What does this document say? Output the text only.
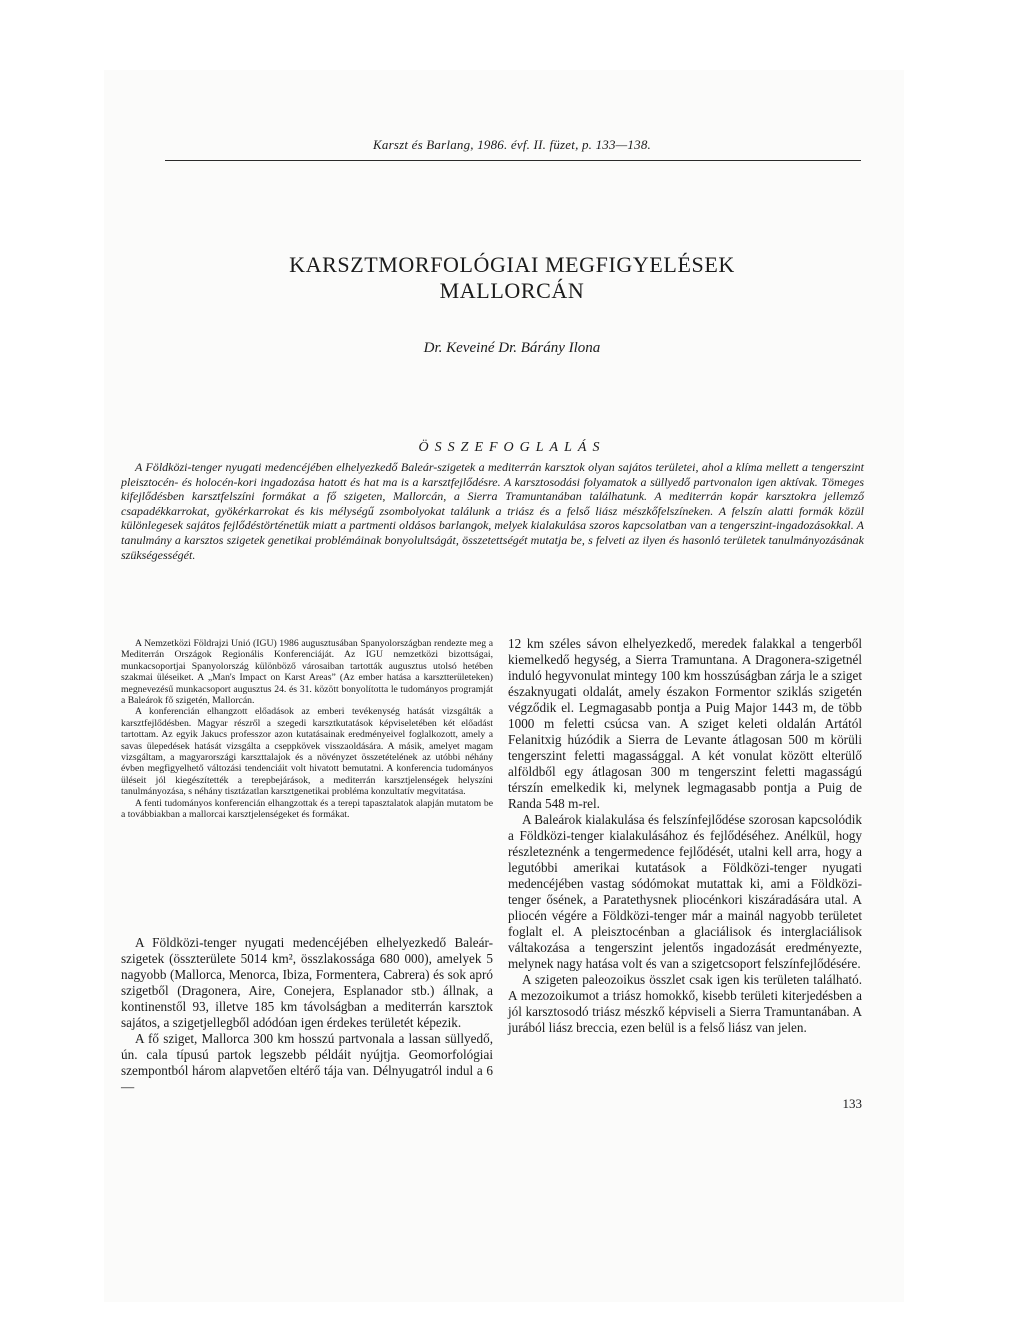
Karszt és Barlang, 1986. évf. II. füzet, p. 133—138.
KARSZTMORFOLÓGIAI MEGFIGYELÉSEK
MALLORCÁN
Dr. Keveiné Dr. Bárány Ilona
ÖSSZEFOGLALÁS

A Földközi-tenger nyugati medencéjében elhelyezkedő Baleár-szigetek a mediterrán karsztok olyan sajátos területei, ahol a klíma mellett a tengerszint pleisztocén- és holocén-kori ingadozása hatott és hat ma is a karsztfejlődésre. A karsztosodási folyamatok a süllyedő partvonalon igen aktívak. Tömeges kifejlődésben karsztfelszíni formákat a fő szigeten, Mallorcán, a Sierra Tramuntanában találhatunk. A mediterrán kopár karsztokra jellemző csapadékkarrokat, gyökérkarrokat és kis mélységű zsombolyokat találunk a triász és a felső liász mészkőfelszíneken. A felszín alatti formák közül különlegesek sajátos fejlődéstörténetük miatt a partmenti oldásos barlangok, melyek kialakulása szoros kapcsolatban van a tengerszint-ingadozásokkal. A tanulmány a karsztos szigetek genetikai problémáinak bonyolultságát, összetettségét mutatja be, s felveti az ilyen és hasonló területek tanulmányozásának szükségességét.

A Nemzetközi Földrajzi Unió (IGU) 1986 augusztusában Spanyolországban rendezte meg a Mediterrán Országok Regionális Konferenciáját. Az IGU nemzetközi bizottságai, munkacsoportjai Spanyolország különböző városaiban tartották augusztus utolsó hetében szakmai üléseiket. A „Man's Impact on Karst Areas” (Az ember hatása a karsztterületeken) megnevezésű munkacsoport augusztus 24. és 31. között bonyolította le tudományos programját a Baleárok fő szigetén, Mallorcán.

A konferencián elhangzott előadások az emberi tevékenység hatását vizsgálták a karsztfejlődésben. Magyar részről a szegedi karsztkutatások képviseletében két előadást tartottam. Az egyik Jakucs professzor azon kutatásainak eredményeivel foglalkozott, amely a savas ülepedések hatását vizsgálta a cseppkövek visszaoldására. A másik, amelyet magam vizsgáltam, a magyarországi karszttalajok és a növényzet összetételének az utóbbi néhány évben megfigyelhető változási tendenciáit volt hivatott bemutatni. A konferencia tudományos üléseit jól kiegészítették a terepbejárások, a mediterrán karsztjelenségek helyszíni tanulmányozása, s néhány tisztázatlan karsztgenetikai probléma konzultatív megvitatása.

A fenti tudományos konferencián elhangzottak és a terepi tapasztalatok alapján mutatom be a továbbiakban a mallorcai karsztjelenségeket és formákat.

A Földközi-tenger nyugati medencéjében elhelyezkedő Baleár-szigetek (összterülete 5014 km², összlakossága 680 000), amelyek 5 nagyobb (Mallorca, Menorca, Ibiza, Formentera, Cabrera) és sok apró szigetből (Dragonera, Aire, Conejera, Esplanador stb.) állnak, a kontinenstől 93, illetve 185 km távolságban a mediterrán karsztok sajátos, a szigetjellegből adódóan igen érdekes területét képezik.

A fő sziget, Mallorca 300 km hosszú partvonala a lassan süllyedő, ún. cala típusú partok legszebb példáit nyújtja. Geomorfológiai szempontból három alapvetően eltérő tája van. Délnyugatról indul a 6—

12 km széles sávon elhelyezkedő, meredek falakkal a tengerből kiemelkedő hegység, a Sierra Tramuntana. A Dragonera-szigetnél induló hegyvonulat mintegy 100 km hosszúságban zárja le a sziget északnyugati oldalát, amely északon Formentor sziklás szigetén végződik el. Legmagasabb pontja a Puig Major 1443 m, de több 1000 m feletti csúcsa van. A sziget keleti oldalán Artától Felanitxig húzódik a Sierra de Levante átlagosan 500 m körüli tengerszint feletti magassággal. A két vonulat között elterülő alföldből egy átlagosan 300 m tengerszint feletti magasságú térszín emelkedik ki, melynek legmagasabb pontja a Puig de Randa 548 m-rel.

A Baleárok kialakulása és felszínfejlődése szorosan kapcsolódik a Földközi-tenger kialakulásához és fejlődéséhez. Anélkül, hogy részleteznénk a tengermedence fejlődését, utalni kell arra, hogy a legutóbbi amerikai kutatások a Földközi-tenger nyugati medencéjében vastag sódómokat mutattak ki, ami a Földközi-tenger ősének, a Paratethysnek pliocénkori kiszáradására utal. A pliocén végére a Földközi-tenger már a mainál nagyobb területet foglalt el. A pleisztocénban a glaciálisok és interglaciálisok váltakozása a tengerszint jelentős ingadozását eredményezte, melynek nagy hatása volt és van a szigetcsoport felszínfejlődésére.

A szigeten paleozoikus összlet csak igen kis területen található. A mezozoikumot a triász homokkő, kisebb területi kiterjedésben a jól karsztosodó triász mészkő képviseli a Sierra Tramuntanában. A jurából liász breccia, ezen belül is a felső liász van jelen.

133
